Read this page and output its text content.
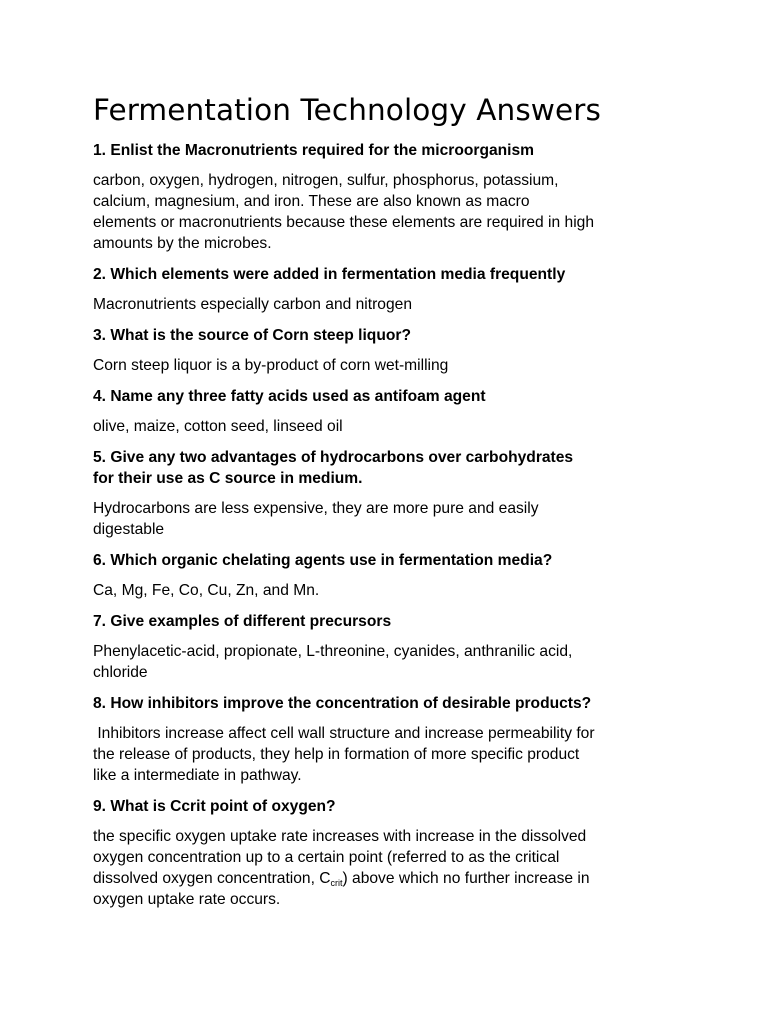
Fermentation Technology Answers

1. Enlist the Macronutrients required for the microorganism

carbon, oxygen, hydrogen, nitrogen, sulfur, phosphorus, potassium,
calcium, magnesium, and iron. These are also known as macro
elements or macronutrients because these elements are required in high
amounts by the microbes.

2. Which elements were added in fermentation media frequently

Macronutrients especially carbon and nitrogen

3. What is the source of Corn steep liquor?

Corn steep liquor is a by-product of corn wet-milling

4. Name any three fatty acids used as antifoam agent

olive, maize, cotton seed, linseed oil

5. Give any two advantages of hydrocarbons over carbohydrates
for their use as C source in medium.

Hydrocarbons are less expensive, they are more pure and easily
digestable

6. Which organic chelating agents use in fermentation media?

Ca, Mg, Fe, Co, Cu, Zn, and Mn.

7. Give examples of different precursors

Phenylacetic-acid, propionate, L-threonine, cyanides, anthranilic acid,
chloride

8. How inhibitors improve the concentration of desirable products?

Inhibitors increase affect cell wall structure and increase permeability for
the release of products, they help in formation of more specific product
like a intermediate in pathway.

9. What is Ccrit point of oxygen?

the specific oxygen uptake rate increases with increase in the dissolved
oxygen concentration up to a certain point (referred to as the critical
dissolved oxygen concentration, $C_{crit}$) above which no further increase in
oxygen uptake rate occurs.
